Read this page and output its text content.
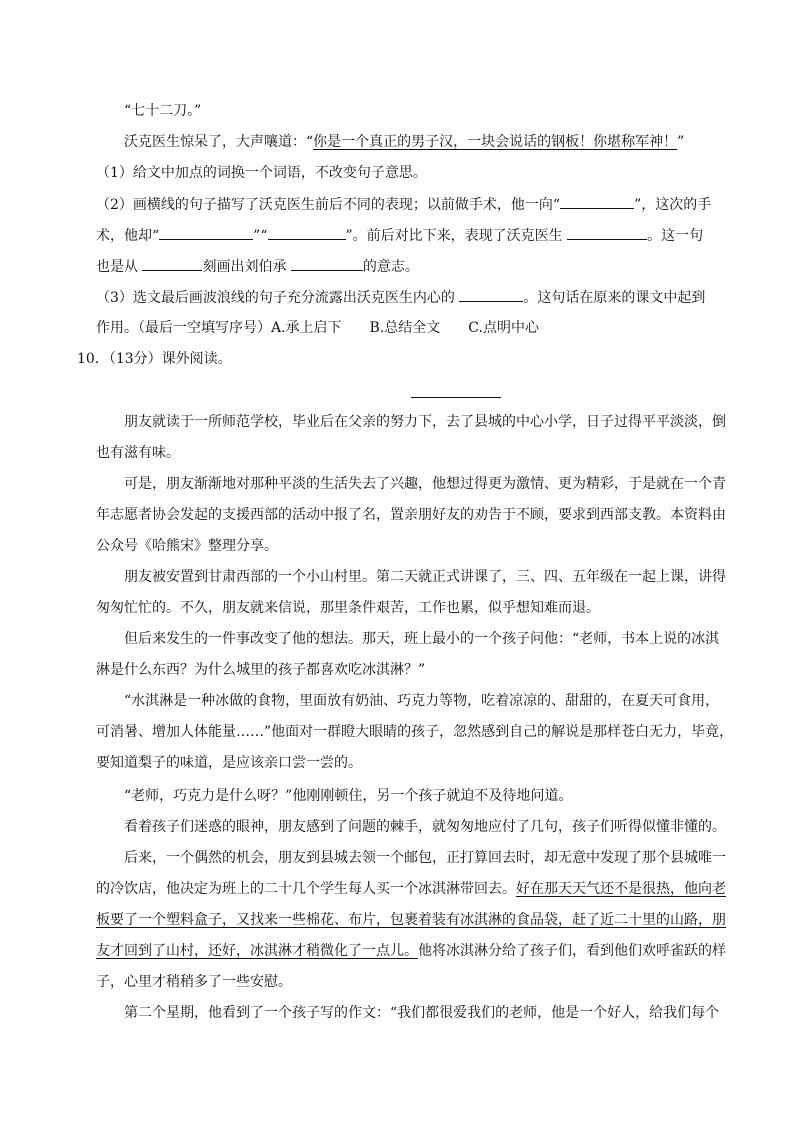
“七十二刀。”
沃克医生惊呆了，大声嚷道：“你是一个真正的男子汉，一块会说话的钢板！你堪称军神！”
（1）给文中加点的词换一个词语，不改变句子意思。
（2）画横线的句子描写了沃克医生前后不同的表现；以前做手术，他一向“	”，这次的手
术，他却“	”“	”。前后对比下来，表现了沃克医生	。这一句
也是从	刻画出刘伯承	的意志。
（3）选文最后画波浪线的句子充分流露出沃克医生内心的	。这句话在原来的课文中起到
作用。（最后一空填写序号）A.承上启下　　B.总结全文　　C.点明中心
10．（13分）课外阅读。
朋友就读于一所师范学校，毕业后在父亲的努力下，去了县城的中心小学，日子过得平平淡淡，倒
也有滋有味。
可是，朋友渐渐地对那种平淡的生活失去了兴趣，他想过得更为激情、更为精彩，于是就在一个青
年志愿者协会发起的支援西部的活动中报了名，置亲朋好友的劝告于不顾，要求到西部支教。本资料由
公众号《哈熊宋》整理分享。
朋友被安置到甘肃西部的一个小山村里。第二天就正式讲课了，三、四、五年级在一起上课，讲得
匆匆忙忙的。不久，朋友就来信说，那里条件艰苦，工作也累，似乎想知难而退。
但后来发生的一件事改变了他的想法。那天，班上最小的一个孩子问他：“老师，书本上说的冰淇
淋是什么东西？为什么城里的孩子都喜欢吃冰淇淋？”
“水淇淋是一种冰做的食物，里面放有奶油、巧克力等物，吃着凉凉的、甜甜的，在夏天可食用，
可消暑、增加人体能量……”他面对一群瞪大眼睛的孩子，忽然感到自己的解说是那样苍白无力，毕竟，
要知道梨子的味道，是应该亲口尝一尝的。
“老师，巧克力是什么呀？”他刚刚顿住，另一个孩子就迫不及待地问道。
看着孩子们迷惑的眼神，朋友感到了问题的棘手，就匆匆地应付了几句，孩子们听得似懂非懂的。
后来，一个偶然的机会，朋友到县城去领一个邮包，正打算回去时，却无意中发现了那个县城唯一
的冷饮店，他决定为班上的二十几个学生每人买一个冰淇淋带回去。好在那天天气还不是很热，他向老
板要了一个塑料盒子，又找来一些棉花、布片，包裹着装有冰淇淋的食品袋，赶了近二十里的山路，朋
友才回到了山村，还好，冰淇淋才稍微化了一点儿。他将冰淇淋分给了孩子们，看到他们欢呼雀跃的样
子，心里才稍稍多了一些安慰。
第二个星期，他看到了一个孩子写的作文：“我们都很爱我们的老师，他是一个好人，给我们每个
